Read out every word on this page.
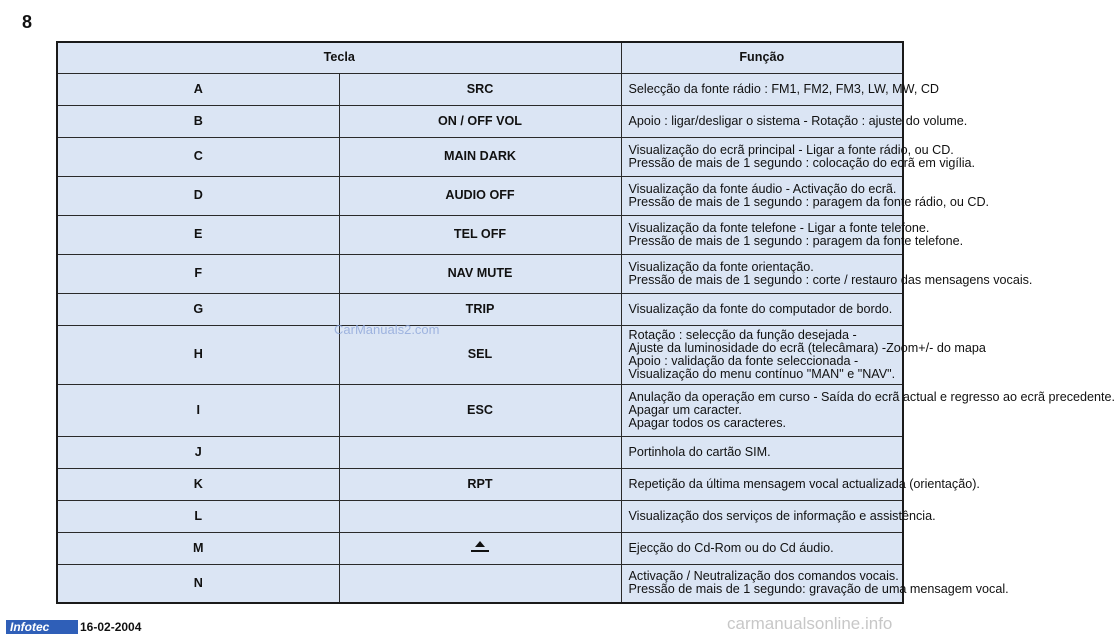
8
Tecla		Função
A	SRC	Selecção da fonte rádio : FM1, FM2, FM3, LW, MW, CD

B	ON / OFF VOL	Apoio : ligar/desligar o sistema - Rotação : ajuste do volume.

C	MAIN DARK	Visualização do ecrã principal - Ligar a fonte rádio, ou CD.
Pressão de mais de 1 segundo : colocação do ecrã em vigília.

D	AUDIO OFF	Visualização da fonte áudio - Activação do ecrã.
Pressão de mais de 1 segundo : paragem da fonte rádio, ou CD.

E	TEL OFF	Visualização da fonte telefone - Ligar a fonte telefone.
Pressão de mais de 1 segundo : paragem da fonte telefone.

F	NAV MUTE	Visualização da fonte orientação.
Pressão de mais de 1 segundo : corte / restauro das mensagens vocais.

G	TRIP	Visualização da fonte do computador de bordo.

H	SEL	Rotação : selecção da função desejada -
Ajuste da luminosidade do ecrã (telecâmara) -Zoom+/- do mapa
Apoio : validação da fonte seleccionada -
Visualização do menu contínuo "MAN" e "NAV".

I	ESC	Anulação da operação em curso - Saída do ecrã actual e regresso ao ecrã precedente.
Apagar um caracter.
Apagar todos os caracteres.

J		Portinhola do cartão SIM.

K	RPT	Repetição da última mensagem vocal actualizada (orientação).

L		Visualização dos serviços de informação e assistência.

M		Ejecção do Cd-Rom ou do Cd áudio.

N		Activação / Neutralização dos comandos vocais.
Pressão de mais de 1 segundo: gravação de uma mensagem vocal.
CarManuals2.com
Infotec	16-02-2004	carmanualsonline.info
